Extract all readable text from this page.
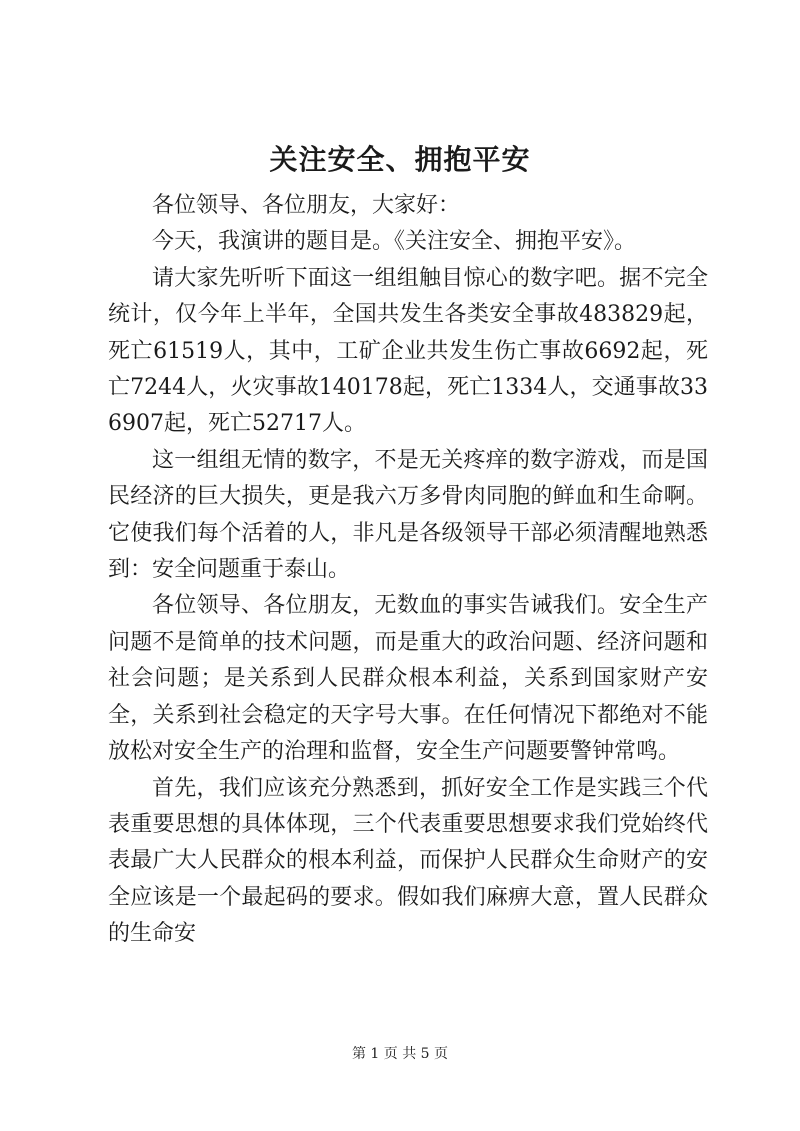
关注安全、拥抱平安

各位领导、各位朋友，大家好：

今天，我演讲的题目是。《关注安全、拥抱平安》。

请大家先听听下面这一组组触目惊心的数字吧。据不完全统计，仅今年上半年，全国共发生各类安全事故483829起，死亡61519人，其中，工矿企业共发生伤亡事故6692起，死亡7244人，火灾事故140178起，死亡1334人，交通事故336907起，死亡52717人。

这一组组无情的数字，不是无关疼痒的数字游戏，而是国民经济的巨大损失，更是我六万多骨肉同胞的鲜血和生命啊。它使我们每个活着的人，非凡是各级领导干部必须清醒地熟悉到：安全问题重于泰山。

各位领导、各位朋友，无数血的事实告诫我们。安全生产问题不是简单的技术问题，而是重大的政治问题、经济问题和社会问题；是关系到人民群众根本利益，关系到国家财产安全，关系到社会稳定的天字号大事。在任何情况下都绝对不能放松对安全生产的治理和监督，安全生产问题要警钟常鸣。

首先，我们应该充分熟悉到，抓好安全工作是实践三个代表重要思想的具体体现，三个代表重要思想要求我们党始终代表最广大人民群众的根本利益，而保护人民群众生命财产的安全应该是一个最起码的要求。假如我们麻痹大意，置人民群众的生命安

第 1 页 共 5 页
